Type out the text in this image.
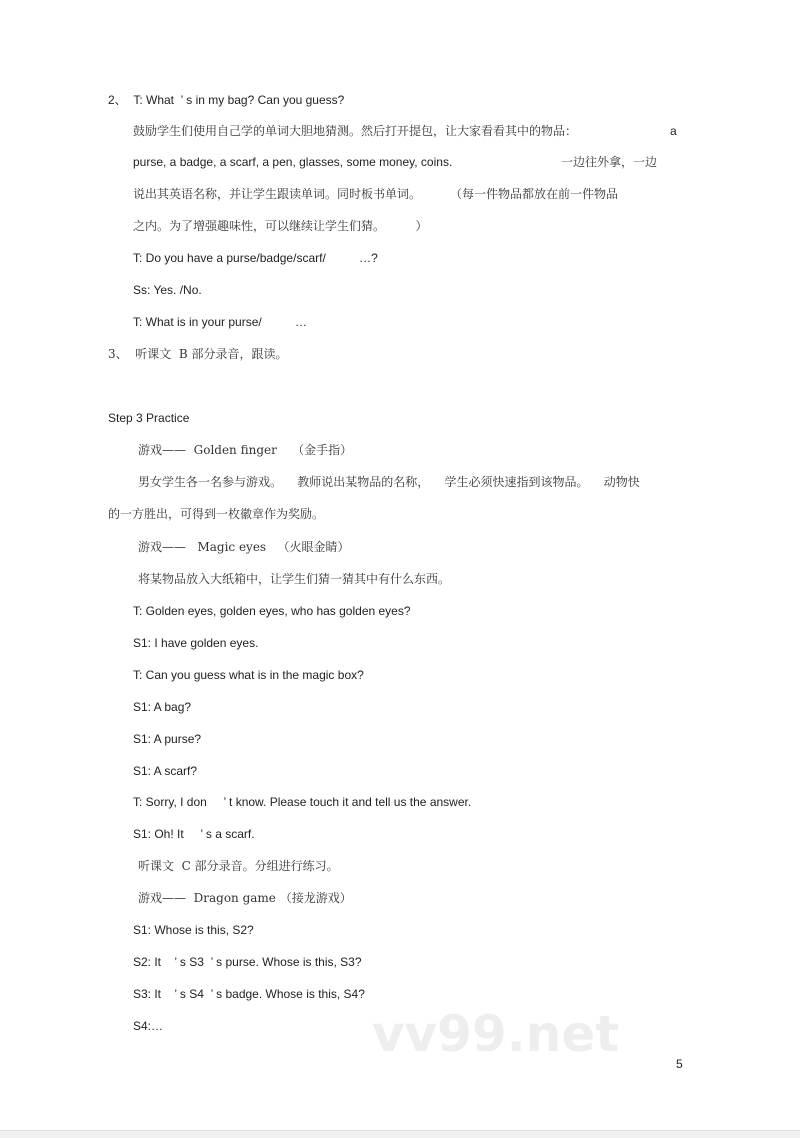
vv99.net
2、  T: What  ’ s in my bag? Can you guess?
鼓励学生们使用自己学的单词大胆地猜测。然后打开提包，让大家看看其中的物品：	a
purse, a badge, a scarf, a pen, glasses, some money, coins.	一边往外拿，一边
说出其英语名称，并让学生跟读单词。同时板书单词。 （每一件物品都放在前一件物品
之内。为了增强趣味性，可以继续让学生们猜。        ）
T: Do you have a purse/badge/scarf/          …?
Ss: Yes. /No.
T: What is in your purse/          …
3、  听课文  B 部分录音，跟读。
Step 3 Practice
游戏——  Golden finger    （金手指）
男女学生各一名参与游戏。    教师说出某物品的名称，    学生必须快速指到该物品。    动物快
的一方胜出，可得到一枚徽章作为奖励。
游戏——   Magic eyes   （火眼金睛）
将某物品放入大纸箱中，让学生们猜一猜其中有什么东西。
T: Golden eyes, golden eyes, who has golden eyes?
S1: I have golden eyes.
T: Can you guess what is in the magic box?
S1: A bag?
S1: A purse?
S1: A scarf?
T: Sorry, I don     ’ t know. Please touch it and tell us the answer.
S1: Oh! It     ’ s a scarf.
听课文  C 部分录音。分组进行练习。
游戏——  Dragon game （接龙游戏）
S1: Whose is this, S2?
S2: It    ’ s S3  ’ s purse. Whose is this, S3?
S3: It    ’ s S4  ’ s badge. Whose is this, S4?
S4:…
5
